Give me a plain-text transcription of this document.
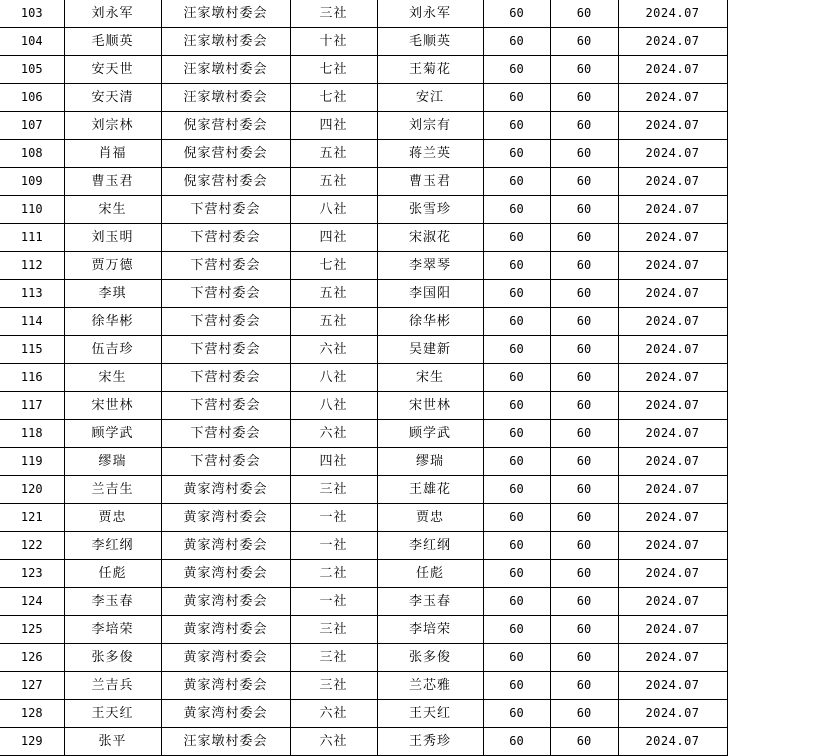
103	刘永军	汪家墩村委会	三社	刘永军	60	60	2024.07
104	毛顺英	汪家墩村委会	十社	毛顺英	60	60	2024.07
105	安天世	汪家墩村委会	七社	王菊花	60	60	2024.07
106	安天清	汪家墩村委会	七社	安江	60	60	2024.07
107	刘宗林	倪家营村委会	四社	刘宗有	60	60	2024.07
108	肖福	倪家营村委会	五社	蒋兰英	60	60	2024.07
109	曹玉君	倪家营村委会	五社	曹玉君	60	60	2024.07
110	宋生	下营村委会	八社	张雪珍	60	60	2024.07
111	刘玉明	下营村委会	四社	宋淑花	60	60	2024.07
112	贾万德	下营村委会	七社	李翠琴	60	60	2024.07
113	李琪	下营村委会	五社	李国阳	60	60	2024.07
114	徐华彬	下营村委会	五社	徐华彬	60	60	2024.07
115	伍吉珍	下营村委会	六社	吴建新	60	60	2024.07
116	宋生	下营村委会	八社	宋生	60	60	2024.07
117	宋世林	下营村委会	八社	宋世林	60	60	2024.07
118	顾学武	下营村委会	六社	顾学武	60	60	2024.07
119	缪瑞	下营村委会	四社	缪瑞	60	60	2024.07
120	兰吉生	黄家湾村委会	三社	王雄花	60	60	2024.07
121	贾忠	黄家湾村委会	一社	贾忠	60	60	2024.07
122	李红纲	黄家湾村委会	一社	李红纲	60	60	2024.07
123	任彪	黄家湾村委会	二社	任彪	60	60	2024.07
124	李玉春	黄家湾村委会	一社	李玉春	60	60	2024.07
125	李培荣	黄家湾村委会	三社	李培荣	60	60	2024.07
126	张多俊	黄家湾村委会	三社	张多俊	60	60	2024.07
127	兰吉兵	黄家湾村委会	三社	兰芯雅	60	60	2024.07
128	王天红	黄家湾村委会	六社	王天红	60	60	2024.07
129	张平	汪家墩村委会	六社	王秀珍	60	60	2024.07
